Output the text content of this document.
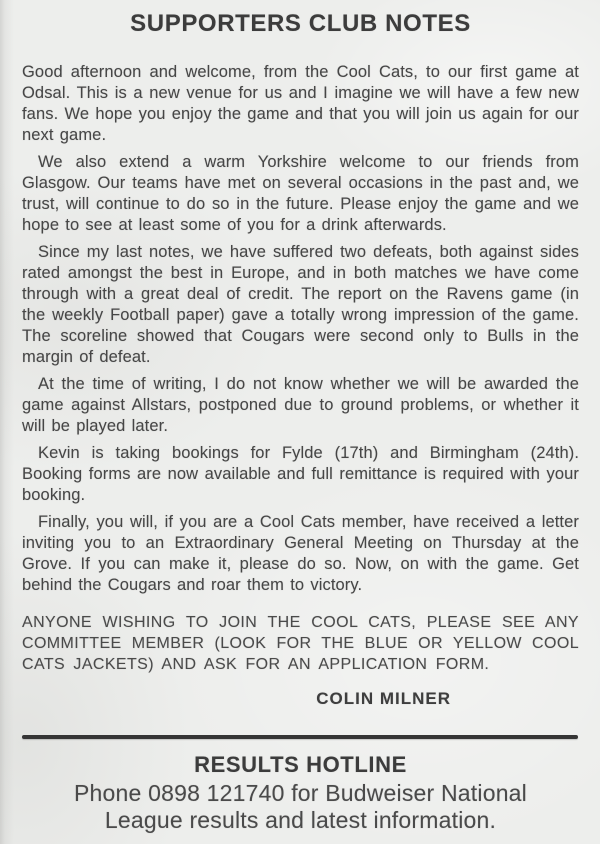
SUPPORTERS CLUB NOTES

Good afternoon and welcome, from the Cool Cats, to our first game at Odsal. This is a new venue for us and I imagine we will have a few new fans. We hope you enjoy the game and that you will join us again for our next game.

We also extend a warm Yorkshire welcome to our friends from Glasgow. Our teams have met on several occasions in the past and, we trust, will continue to do so in the future. Please enjoy the game and we hope to see at least some of you for a drink afterwards.

Since my last notes, we have suffered two defeats, both against sides rated amongst the best in Europe, and in both matches we have come through with a great deal of credit. The report on the Ravens game (in the weekly Football paper) gave a totally wrong impression of the game. The scoreline showed that Cougars were second only to Bulls in the margin of defeat.

At the time of writing, I do not know whether we will be awarded the game against Allstars, postponed due to ground problems, or whether it will be played later.

Kevin is taking bookings for Fylde (17th) and Birmingham (24th). Booking forms are now available and full remittance is required with your booking.

Finally, you will, if you are a Cool Cats member, have received a letter inviting you to an Extraordinary General Meeting on Thursday at the Grove. If you can make it, please do so. Now, on with the game. Get behind the Cougars and roar them to victory.

ANYONE WISHING TO JOIN THE COOL CATS, PLEASE SEE ANY COMMITTEE MEMBER (LOOK FOR THE BLUE OR YELLOW COOL CATS JACKETS) AND ASK FOR AN APPLICATION FORM.

COLIN MILNER
RESULTS HOTLINE
Phone 0898 121740 for Budweiser National
League results and latest information.
